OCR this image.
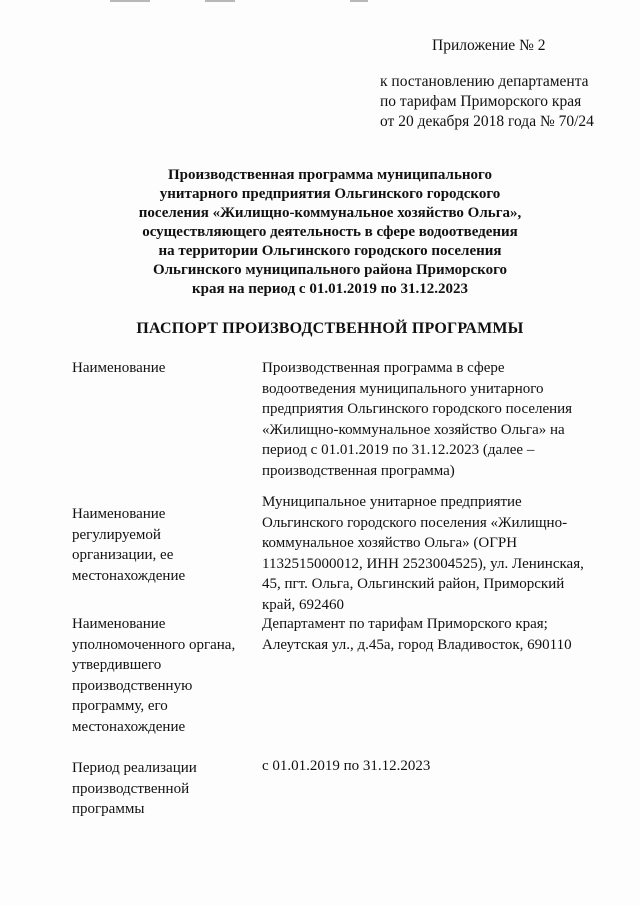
Приложение № 2
к постановлению департамента
по тарифам Приморского края
от 20 декабря 2018 года № 70/24
Производственная программа муниципального
унитарного предприятия Ольгинского городского
поселения «Жилищно-коммунальное хозяйство Ольга»,
осуществляющего деятельность в сфере водоотведения
на территории Ольгинского городского поселения
Ольгинского муниципального района Приморского
края на период с 01.01.2019 по 31.12.2023
ПАСПОРТ ПРОИЗВОДСТВЕННОЙ ПРОГРАММЫ
Наименование	Производственная программа в сфере
водоотведения муниципального унитарного
предприятия Ольгинского городского поселения
«Жилищно-коммунальное хозяйство Ольга» на
период с 01.01.2019 по 31.12.2023 (далее –
производственная программа)
Наименование
регулируемой
организации, ее
местонахождение
Муниципальное унитарное предприятие
Ольгинского городского поселения «Жилищно-
коммунальное хозяйство Ольга» (ОГРН
1132515000012, ИНН 2523004525), ул. Ленинская,
45, пгт. Ольга, Ольгинский район, Приморский
край, 692460
Наименование
уполномоченного органа,
утвердившего
производственную
программу, его
местонахождение
Департамент по тарифам Приморского края;
Алеутская ул., д.45а, город Владивосток, 690110
Период реализации
производственной
программы
с 01.01.2019 по 31.12.2023
